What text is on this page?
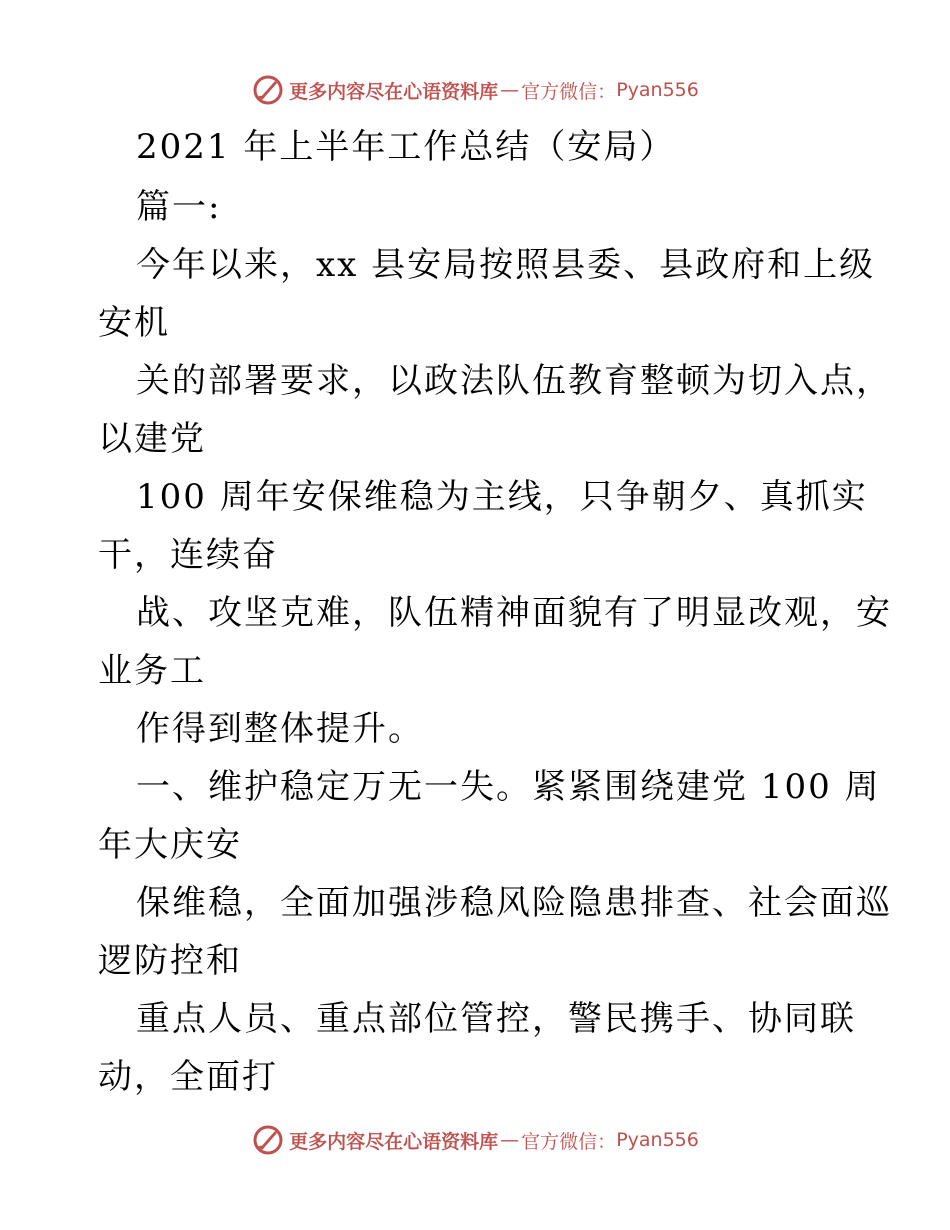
更多内容尽在心语资料库 — 官方微信： Pyan556
2021 年上半年工作总结（安局）
篇一:
今年以来，xx 县安局按照县委、县政府和上级
安机
关的部署要求，以政法队伍教育整顿为切入点，
以建党
100 周年安保维稳为主线，只争朝夕、真抓实
干，连续奋
战、攻坚克难，队伍精神面貌有了明显改观，安
业务工
作得到整体提升。
一、维护稳定万无一失。紧紧围绕建党 100 周
年大庆安
保维稳，全面加强涉稳风险隐患排查、社会面巡
逻防控和
重点人员、重点部位管控，警民携手、协同联
动，全面打
更多内容尽在心语资料库 — 官方微信： Pyan556
